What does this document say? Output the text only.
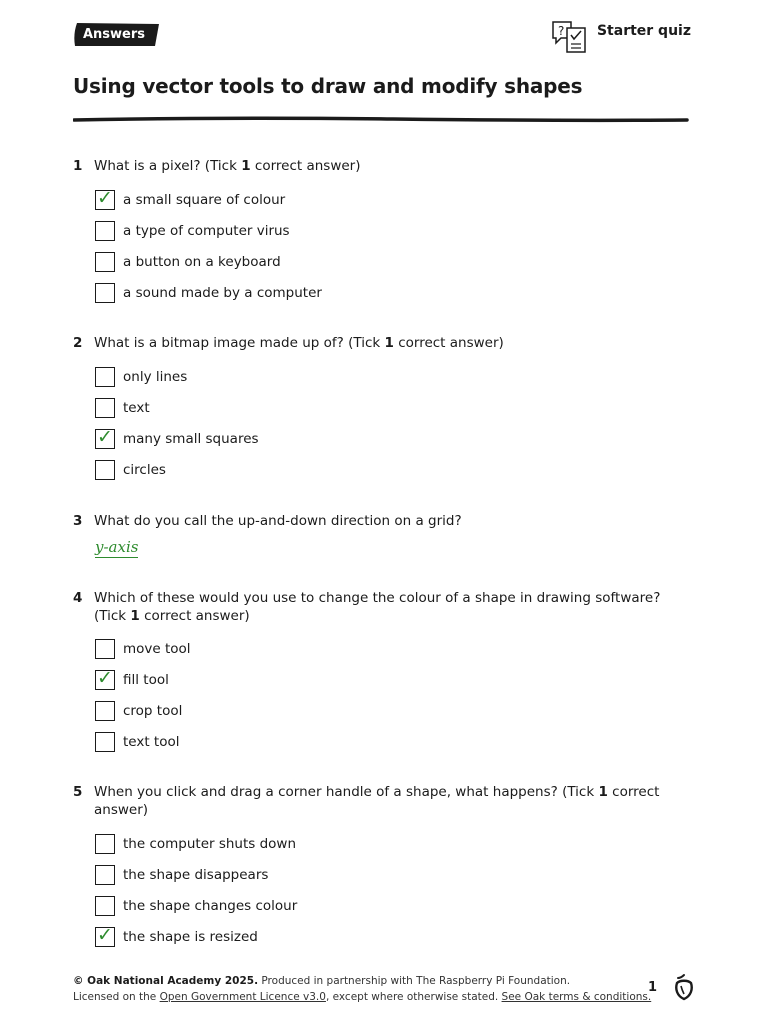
Answers	? Starter quiz
Using vector tools to draw and modify shapes
1 What is a pixel? (Tick 1 correct answer)
✓ a small square of colour
a type of computer virus
a button on a keyboard
a sound made by a computer
2 What is a bitmap image made up of? (Tick 1 correct answer)
only lines
text
✓ many small squares
circles
3 What do you call the up-and-down direction on a grid?
y-axis
4 Which of these would you use to change the colour of a shape in drawing software? (Tick 1 correct answer)
move tool
✓ fill tool
crop tool
text tool
5 When you click and drag a corner handle of a shape, what happens? (Tick 1 correct answer)
the computer shuts down
the shape disappears
the shape changes colour
✓ the shape is resized
© Oak National Academy 2025. Produced in partnership with The Raspberry Pi Foundation.
Licensed on the Open Government Licence v3.0, except where otherwise stated. See Oak terms & conditions.
1
